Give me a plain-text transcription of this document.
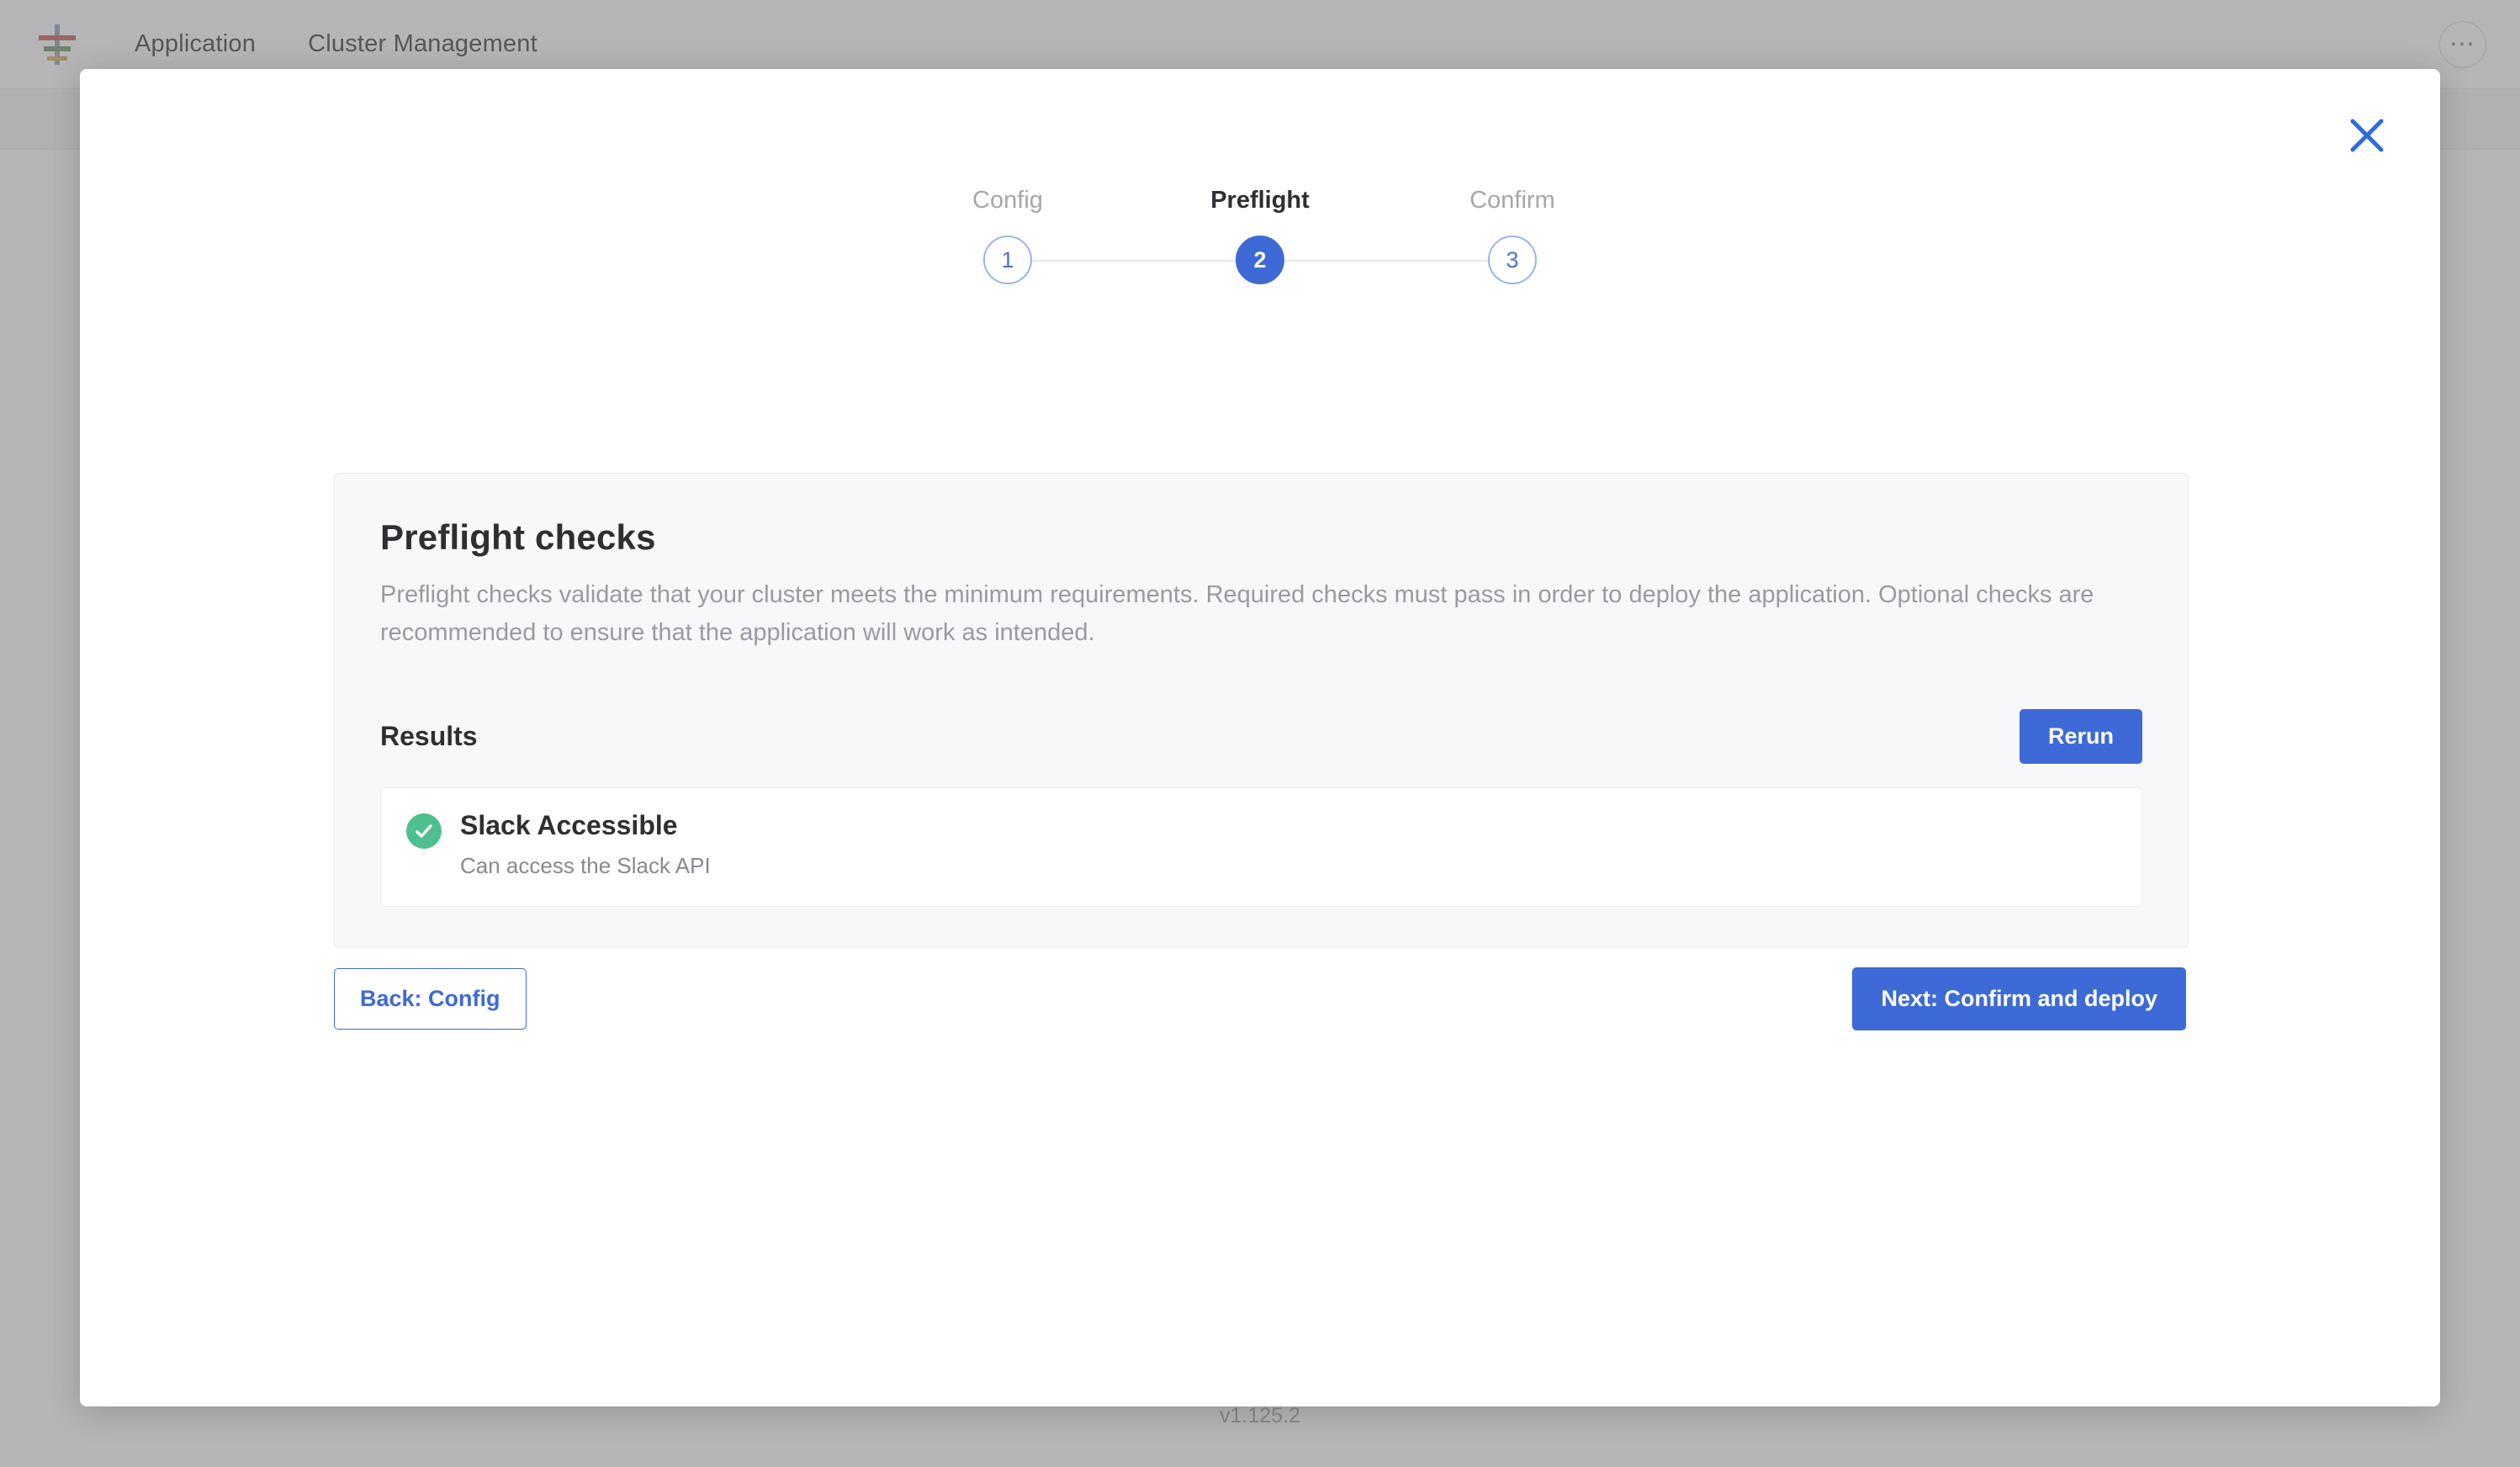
Config	Preflight	Confirm
1	2	3
Preflight checks
Preflight checks validate that your cluster meets the minimum requirements. Required checks must pass in order to deploy the application. Optional checks are recommended to ensure that the application will work as intended.
Results	Rerun
Slack Accessible
Can access the Slack API
Back: Config	Next: Confirm and deploy
